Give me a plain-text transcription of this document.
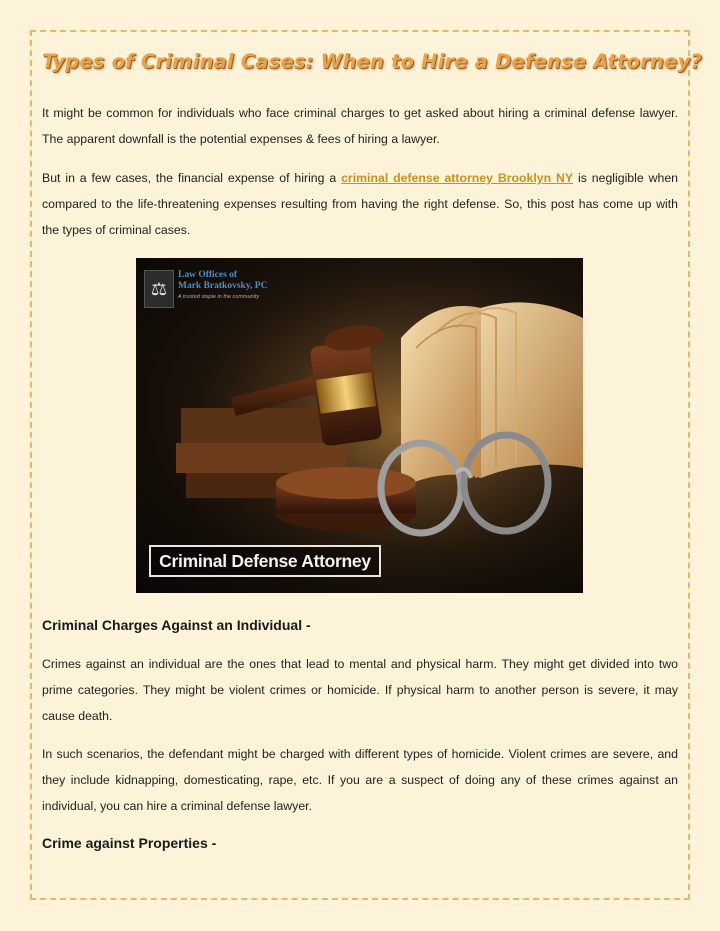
Types of Criminal Cases: When to Hire a Defense Attorney?

It might be common for individuals who face criminal charges to get asked about hiring a criminal defense lawyer. The apparent downfall is the potential expenses & fees of hiring a lawyer.

But in a few cases, the financial expense of hiring a criminal defense attorney Brooklyn NY is negligible when compared to the life-threatening expenses resulting from having the right defense. So, this post has come up with the types of criminal cases.

⚖
Law Offices of
Mark Bratkovsky, PC
A trusted staple in the community
Criminal Defense Attorney
Criminal Charges Against an Individual -

Crimes against an individual are the ones that lead to mental and physical harm. They might get divided into two prime categories. They might be violent crimes or homicide. If physical harm to another person is severe, it may cause death.

In such scenarios, the defendant might be charged with different types of homicide. Violent crimes are severe, and they include kidnapping, domesticating, rape, etc. If you are a suspect of doing any of these crimes against an individual, you can hire a criminal defense lawyer.

Crime against Properties -
